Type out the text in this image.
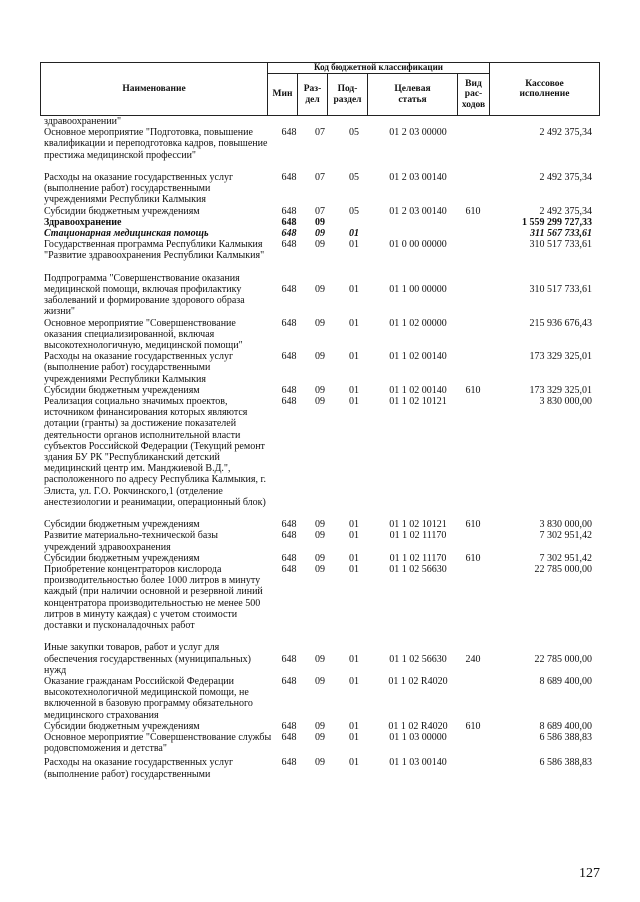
Наименование
Код бюджетной классификации
Мин
Раз-
дел
Под-
раздел
Целевая
статья
Вид
рас-
ходов
Кассовое
исполнение
здравоохранении"
Основное мероприятие "Подготовка, повышение квалификации и переподготовка кадров, повышение престижа медицинской профессии"
648	07	05	01 2 03 00000	2 492 375,34
Расходы на оказание государственных услуг (выполнение работ) государственными учреждениями Республики Калмыкия
648	07	05	01 2 03 00140	2 492 375,34
Субсидии бюджетным учреждениям	648	07	05	01 2 03 00140	610	2 492 375,34
Здравоохранение	648	09	1 559 299 727,33
Стационарная медицинская помощь	648	09	01	311 567 733,61
Государственная программа Республики Калмыкия "Развитие здравоохранения Республики Калмыкия"
648	09	01	01 0 00 00000	310 517 733,61
Подпрограмма "Совершенствование оказания медицинской помощи, включая профилактику заболеваний и формирование здорового образа жизни"
648	09	01	01 1 00 00000	310 517 733,61
Основное мероприятие "Совершенствование оказания специализированной, включая высокотехнологичную, медицинской помощи"
648	09	01	01 1 02 00000	215 936 676,43
Расходы на оказание государственных услуг (выполнение работ) государственными учреждениями Республики Калмыкия
648	09	01	01 1 02 00140	173 329 325,01
Субсидии бюджетным учреждениям	648	09	01	01 1 02 00140	610	173 329 325,01
Реализация социально значимых проектов, источником финансирования которых являются дотации (гранты) за достижение показателей деятельности органов исполнительной власти субъектов Российской Федерации (Текущий ремонт здания БУ РК "Республиканский детский медицинский центр им. Манджиевой В.Д.", расположенного по адресу Республика Калмыкия, г. Элиста, ул. Г.О. Рокчинского,1 (отделение анестезиологии и реанимации, операционный блок)
648	09	01	01 1 02 10121	3 830 000,00
Субсидии бюджетным учреждениям	648	09	01	01 1 02 10121	610	3 830 000,00
Развитие материально-технической базы учреждений здравоохранения
648	09	01	01 1 02 11170	7 302 951,42
Субсидии бюджетным учреждениям	648	09	01	01 1 02 11170	610	7 302 951,42
Приобретение концентраторов кислорода производительностью более 1000 литров в минуту каждый (при наличии основной и резервной линий концентратора производительностью не менее 500 литров в минуту каждая) с учетом стоимости доставки и пусконаладочных работ
648	09	01	01 1 02 56630	22 785 000,00
Иные закупки товаров, работ и услуг для обеспечения государственных (муниципальных) нужд
648	09	01	01 1 02 56630	240	22 785 000,00
Оказание гражданам Российской Федерации высокотехнологичной медицинской помощи, не включенной в базовую программу обязательного медицинского страхования
648	09	01	01 1 02 R4020	8 689 400,00
Субсидии бюджетным учреждениям	648	09	01	01 1 02 R4020	610	8 689 400,00
Основное мероприятие "Совершенствование службы родовспоможения и детства"
648	09	01	01 1 03 00000	6 586 388,83
Расходы на оказание государственных услуг (выполнение работ) государственными
648	09	01	01 1 03 00140	6 586 388,83
127
